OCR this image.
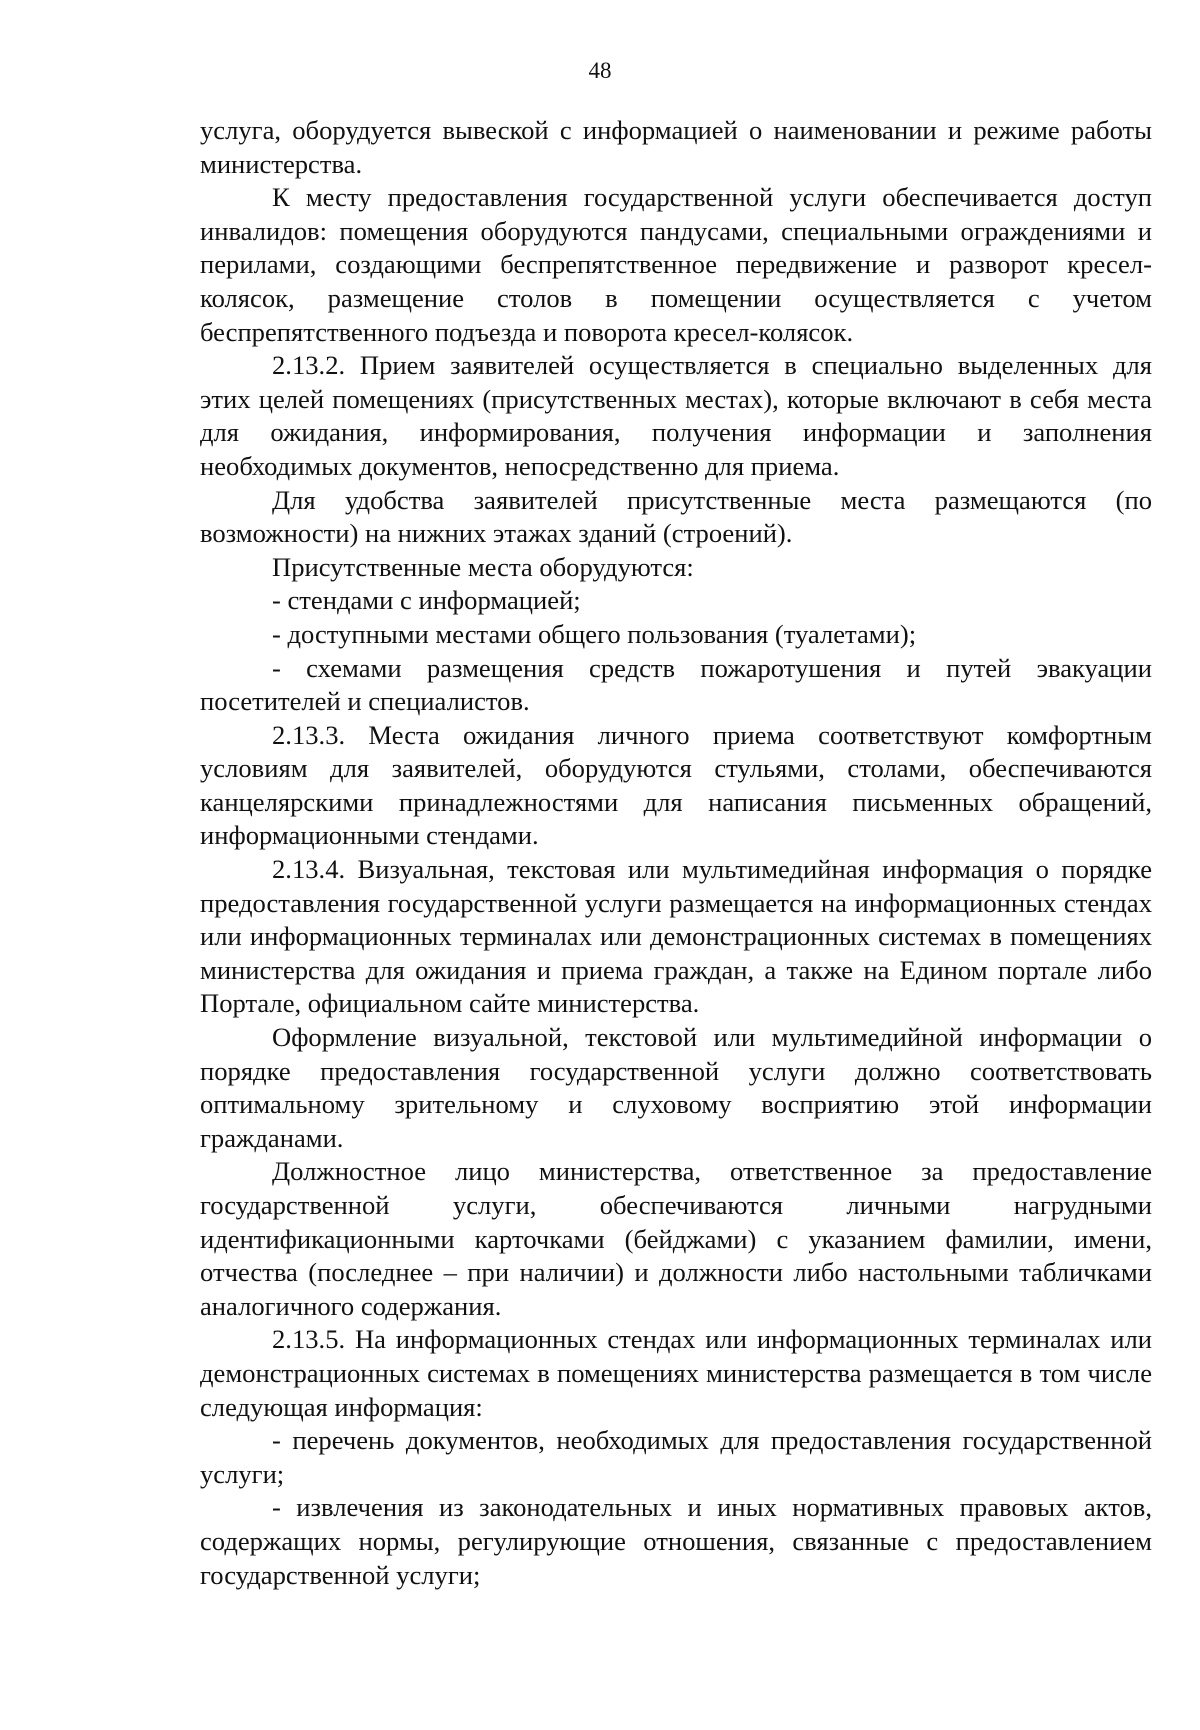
48

услуга, оборудуется вывеской с информацией о наименовании и режиме работы министерства.

К месту предоставления государственной услуги обеспечивается доступ инвалидов: помещения оборудуются пандусами, специальными ограждениями и перилами, создающими беспрепятственное передвижение и разворот кресел-колясок, размещение столов в помещении осуществляется с учетом беспрепятственного подъезда и поворота кресел-колясок.

2.13.2. Прием заявителей осуществляется в специально выделенных для этих целей помещениях (присутственных местах), которые включают в себя места для ожидания, информирования, получения информации и заполнения необходимых документов, непосредственно для приема.

Для удобства заявителей присутственные места размещаются (по возможности) на нижних этажах зданий (строений).

Присутственные места оборудуются:

- стендами с информацией;

- доступными местами общего пользования (туалетами);

- схемами размещения средств пожаротушения и путей эвакуации посетителей и специалистов.

2.13.3. Места ожидания личного приема соответствуют комфортным условиям для заявителей, оборудуются стульями, столами, обеспечиваются канцелярскими принадлежностями для написания письменных обращений, информационными стендами.

2.13.4. Визуальная, текстовая или мультимедийная информация о порядке предоставления государственной услуги размещается на информационных стендах или информационных терминалах или демонстрационных системах в помещениях министерства для ожидания и приема граждан, а также на Едином портале либо Портале, официальном сайте министерства.

Оформление визуальной, текстовой или мультимедийной информации о порядке предоставления государственной услуги должно соответствовать оптимальному зрительному и слуховому восприятию этой информации гражданами.

Должностное лицо министерства, ответственное за предоставление государственной услуги, обеспечиваются личными нагрудными идентификационными карточками (бейджами) с указанием фамилии, имени, отчества (последнее – при наличии) и должности либо настольными табличками аналогичного содержания.

2.13.5. На информационных стендах или информационных терминалах или демонстрационных системах в помещениях министерства размещается в том числе следующая информация:

- перечень документов, необходимых для предоставления государственной услуги;

- извлечения из законодательных и иных нормативных правовых актов, содержащих нормы, регулирующие отношения, связанные с предоставлением государственной услуги;
